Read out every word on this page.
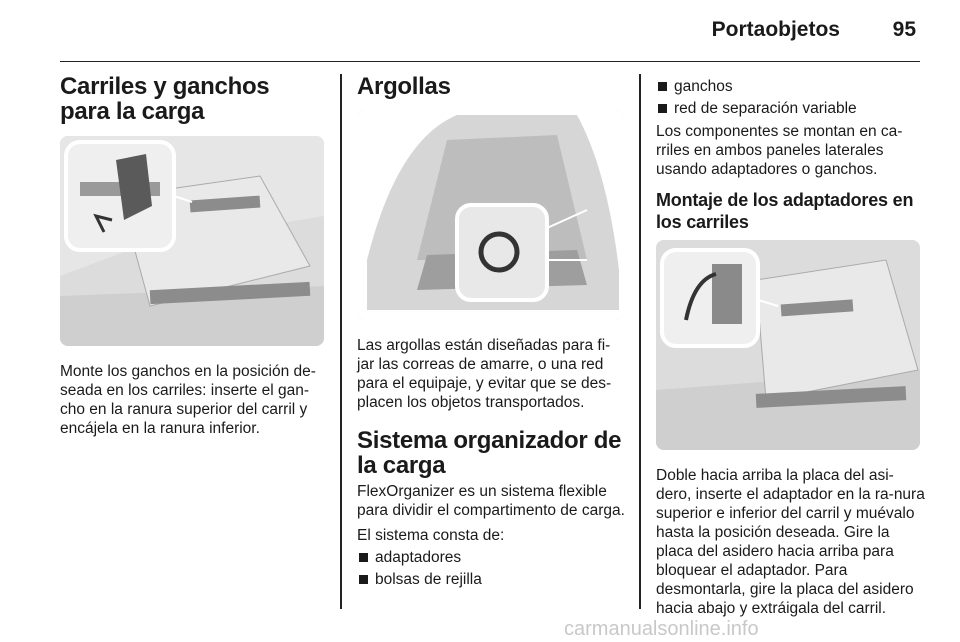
Portaobjetos	95
Carriles y ganchos para la carga
Monte los ganchos en la posición de-seada en los carriles: inserte el gan-cho en la ranura superior del carril y encájela en la ranura inferior.
Argollas
Las argollas están diseñadas para fi-jar las correas de amarre, o una red para el equipaje, y evitar que se des-placen los objetos transportados.
Sistema organizador de la carga
FlexOrganizer es un sistema flexible para dividir el compartimento de carga.
El sistema consta de:
adaptadores
bolsas de rejilla
ganchos
red de separación variable
Los componentes se montan en ca-rriles en ambos paneles laterales usando adaptadores o ganchos.
Montaje de los adaptadores en los carriles
Doble hacia arriba la placa del asi-dero, inserte el adaptador en la ra-nura superior e inferior del carril y muévalo hasta la posición deseada. Gire la placa del asidero hacia arriba para bloquear el adaptador. Para desmontarla, gire la placa del asidero hacia abajo y extráigala del carril.
carmanualsonline.info
